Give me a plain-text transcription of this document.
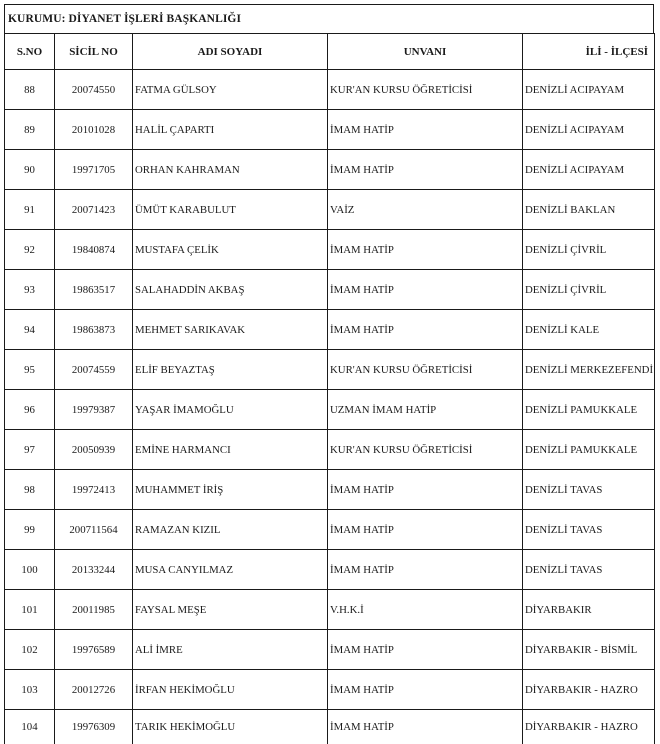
KURUMU: DİYANET İŞLERİ BAŞKANLIĞI
S.NO	SİCİL NO	ADI SOYADI	UNVANI	İLİ - İLÇESİ
88	20074550	FATMA GÜLSOY	KUR'AN KURSU ÖĞRETİCİSİ	DENİZLİ ACIPAYAM
89	20101028	HALİL ÇAPARTI	İMAM HATİP	DENİZLİ ACIPAYAM
90	19971705	ORHAN KAHRAMAN	İMAM HATİP	DENİZLİ ACIPAYAM
91	20071423	ÜMÜT KARABULUT	VAİZ	DENİZLİ BAKLAN
92	19840874	MUSTAFA ÇELİK	İMAM HATİP	DENİZLİ ÇİVRİL
93	19863517	SALAHADDİN AKBAŞ	İMAM HATİP	DENİZLİ ÇİVRİL
94	19863873	MEHMET SARIKAVAK	İMAM HATİP	DENİZLİ KALE
95	20074559	ELİF BEYAZTAŞ	KUR'AN KURSU ÖĞRETİCİSİ	DENİZLİ MERKEZEFENDİ
96	19979387	YAŞAR İMAMOĞLU	UZMAN İMAM HATİP	DENİZLİ PAMUKKALE
97	20050939	EMİNE HARMANCI	KUR'AN KURSU ÖĞRETİCİSİ	DENİZLİ PAMUKKALE
98	19972413	MUHAMMET İRİŞ	İMAM HATİP	DENİZLİ TAVAS
99	200711564	RAMAZAN KIZIL	İMAM HATİP	DENİZLİ TAVAS
100	20133244	MUSA CANYILMAZ	İMAM HATİP	DENİZLİ TAVAS
101	20011985	FAYSAL MEŞE	V.H.K.İ	DİYARBAKIR
102	19976589	ALİ İMRE	İMAM HATİP	DİYARBAKIR - BİSMİL
103	20012726	İRFAN HEKİMOĞLU	İMAM HATİP	DİYARBAKIR - HAZRO
104	19976309	TARIK HEKİMOĞLU	İMAM HATİP	DİYARBAKIR - HAZRO
